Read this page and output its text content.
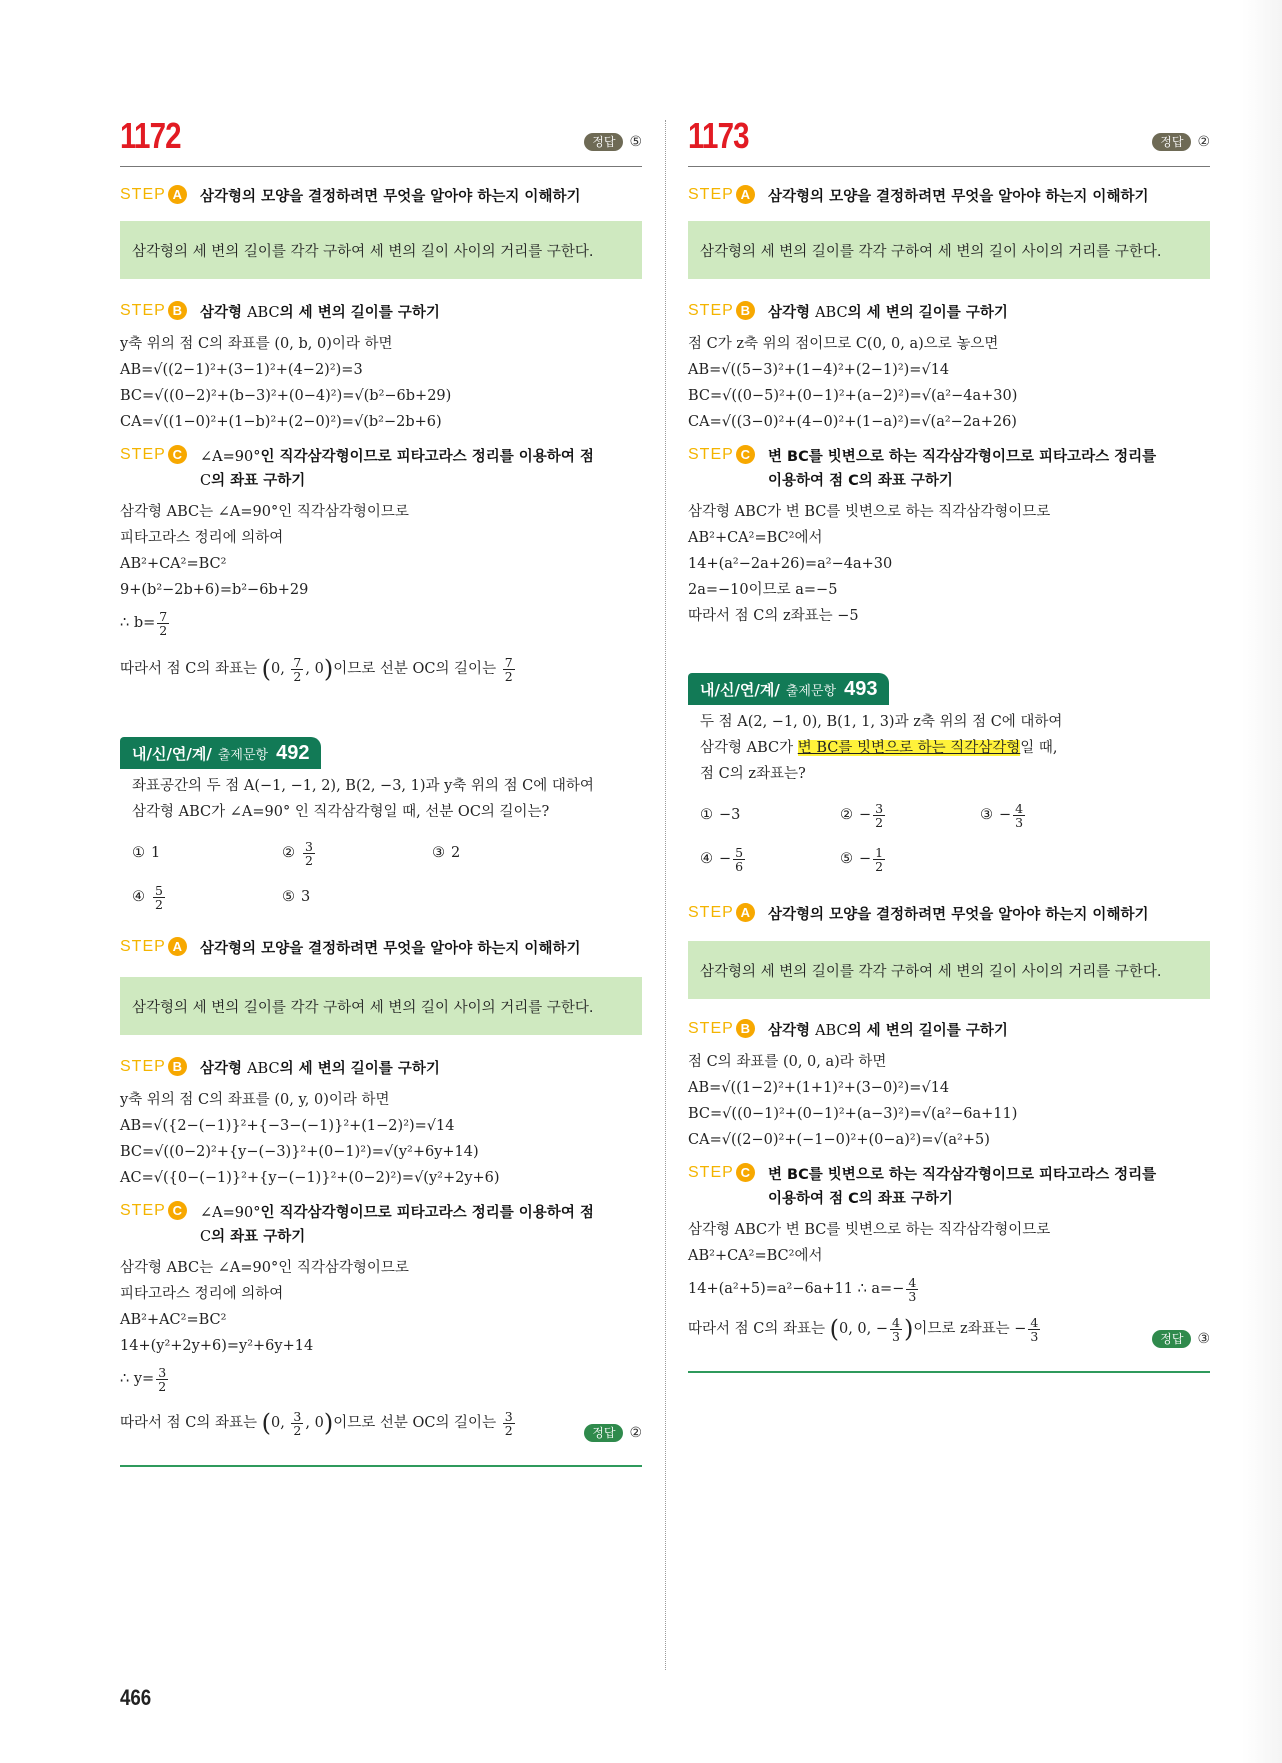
1172	정답	⑤
STEP A	삼각형의 모양을 결정하려면 무엇을 알아야 하는지 이해하기
삼각형의 세 변의 길이를 각각 구하여 세 변의 길이 사이의 거리를 구한다.
STEP B	삼각형 ABC의 세 변의 길이를 구하기
y축 위의 점 C의 좌표를 (0, b, 0)이라 하면
AB=√((2−1)²+(3−1)²+(4−2)²)=3
BC=√((0−2)²+(b−3)²+(0−4)²)=√(b²−6b+29)
CA=√((1−0)²+(1−b)²+(2−0)²)=√(b²−2b+6)
STEP C	∠A=90°인 직각삼각형이므로 피타고라스 정리를 이용하여 점
C의 좌표 구하기
삼각형 ABC는 ∠A=90°인 직각삼각형이므로
피타고라스 정리에 의하여
AB²+CA²=BC²
9+(b²−2b+6)=b²−6b+29
∴ $b= \frac{7}{2}$
따라서 점 C의 좌표는 (0, $\frac{7}{2}$ , 0)이므로 선분 OC의 길이는 $\frac{7}{2}$
내/신/연/계/ 출제문항 492
좌표공간의 두 점 A(−1, −1, 2), B(2, −3, 1)과 y축 위의 점 C에 대하여
삼각형 ABC가 ∠A=90° 인 직각삼각형일 때, 선분 OC의 길이는?
① 1	② $\frac{3}{2}$	③ 2
④ $\frac{5}{2}$	⑤ 3
STEP A	삼각형의 모양을 결정하려면 무엇을 알아야 하는지 이해하기
삼각형의 세 변의 길이를 각각 구하여 세 변의 길이 사이의 거리를 구한다.
STEP B	삼각형 ABC의 세 변의 길이를 구하기
y축 위의 점 C의 좌표를 (0, y, 0)이라 하면
AB=√({2−(−1)}²+{−3−(−1)}²+(1−2)²)=√14
BC=√((0−2)²+{y−(−3)}²+(0−1)²)=√(y²+6y+14)
AC=√({0−(−1)}²+{y−(−1)}²+(0−2)²)=√(y²+2y+6)
STEP C	∠A=90°인 직각삼각형이므로 피타고라스 정리를 이용하여 점
C의 좌표 구하기
삼각형 ABC는 ∠A=90°인 직각삼각형이므로
피타고라스 정리에 의하여
AB²+AC²=BC²
14+(y²+2y+6)=y²+6y+14
∴ $y= \frac{3}{2}$
따라서 점 C의 좌표는 (0, $\frac{3}{2}$ , 0)이므로 선분 OC의 길이는 $\frac{3}{2}$	정답	②
1173	정답	②
STEP A	삼각형의 모양을 결정하려면 무엇을 알아야 하는지 이해하기
삼각형의 세 변의 길이를 각각 구하여 세 변의 길이 사이의 거리를 구한다.
STEP B	삼각형 ABC의 세 변의 길이를 구하기
점 C가 z축 위의 점이므로 C(0, 0, a)으로 놓으면
AB=√((5−3)²+(1−4)²+(2−1)²)=√14
BC=√((0−5)²+(0−1)²+(a−2)²)=√(a²−4a+30)
CA=√((3−0)²+(4−0)²+(1−a)²)=√(a²−2a+26)
STEP C	변 BC를 빗변으로 하는 직각삼각형이므로 피타고라스 정리를
이용하여 점 C의 좌표 구하기
삼각형 ABC가 변 BC를 빗변으로 하는 직각삼각형이므로
AB²+CA²=BC²에서
14+(a²−2a+26)=a²−4a+30
2a=−10이므로 a=−5
따라서 점 C의 z좌표는 −5
내/신/연/계/ 출제문항 493
두 점 A(2, −1, 0), B(1, 1, 3)과 z축 위의 점 C에 대하여
삼각형 ABC가 변 BC를 빗변으로 하는 직각삼각형일 때,
점 C의 z좌표는?
① −3	② − $\frac{3}{2}$	③ − $\frac{4}{3}$
④ − $\frac{5}{6}$	⑤ − $\frac{1}{2}$
STEP A	삼각형의 모양을 결정하려면 무엇을 알아야 하는지 이해하기
삼각형의 세 변의 길이를 각각 구하여 세 변의 길이 사이의 거리를 구한다.
STEP B	삼각형 ABC의 세 변의 길이를 구하기
점 C의 좌표를 (0, 0, a)라 하면
AB=√((1−2)²+(1+1)²+(3−0)²)=√14
BC=√((0−1)²+(0−1)²+(a−3)²)=√(a²−6a+11)
CA=√((2−0)²+(−1−0)²+(0−a)²)=√(a²+5)
STEP C	변 BC를 빗변으로 하는 직각삼각형이므로 피타고라스 정리를
이용하여 점 C의 좌표 구하기
삼각형 ABC가 변 BC를 빗변으로 하는 직각삼각형이므로
AB²+CA²=BC²에서
14+(a²+5)=a²−6a+11 ∴ $a=- \frac{4}{3}$
따라서 점 C의 좌표는 (0, 0, − $\frac{4}{3}$ )이므로 z좌표는 − $\frac{4}{3}$	정답	③
466
